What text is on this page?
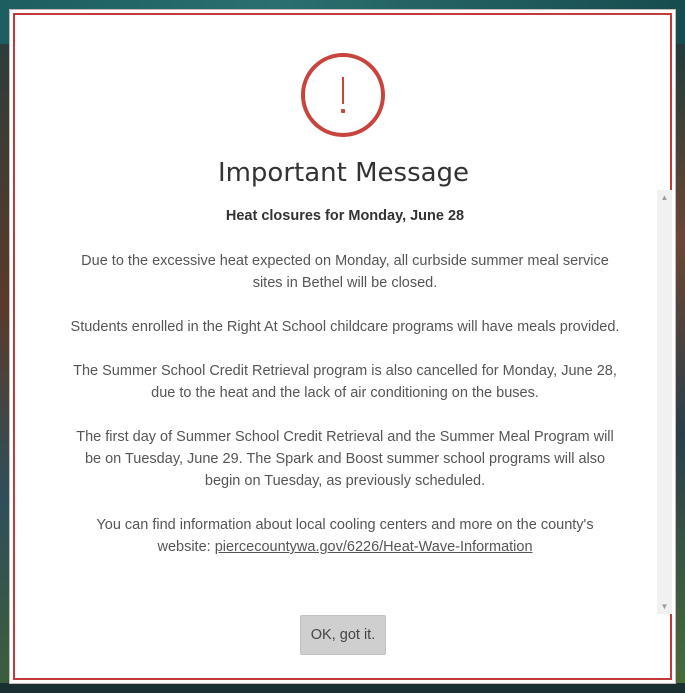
Important Message
Heat closures for Monday, June 28

Due to the excessive heat expected on Monday, all curbside summer meal service sites in Bethel will be closed.

Students enrolled in the Right At School childcare programs will have meals provided.

The Summer School Credit Retrieval program is also cancelled for Monday, June 28, due to the heat and the lack of air conditioning on the buses.

The first day of Summer School Credit Retrieval and the Summer Meal Program will be on Tuesday, June 29. The Spark and Boost summer school programs will also begin on Tuesday, as previously scheduled.

You can find information about local cooling centers and more on the county's website: piercecountywa.gov/6226/Heat-Wave-Information

▲
▼
OK, got it.
